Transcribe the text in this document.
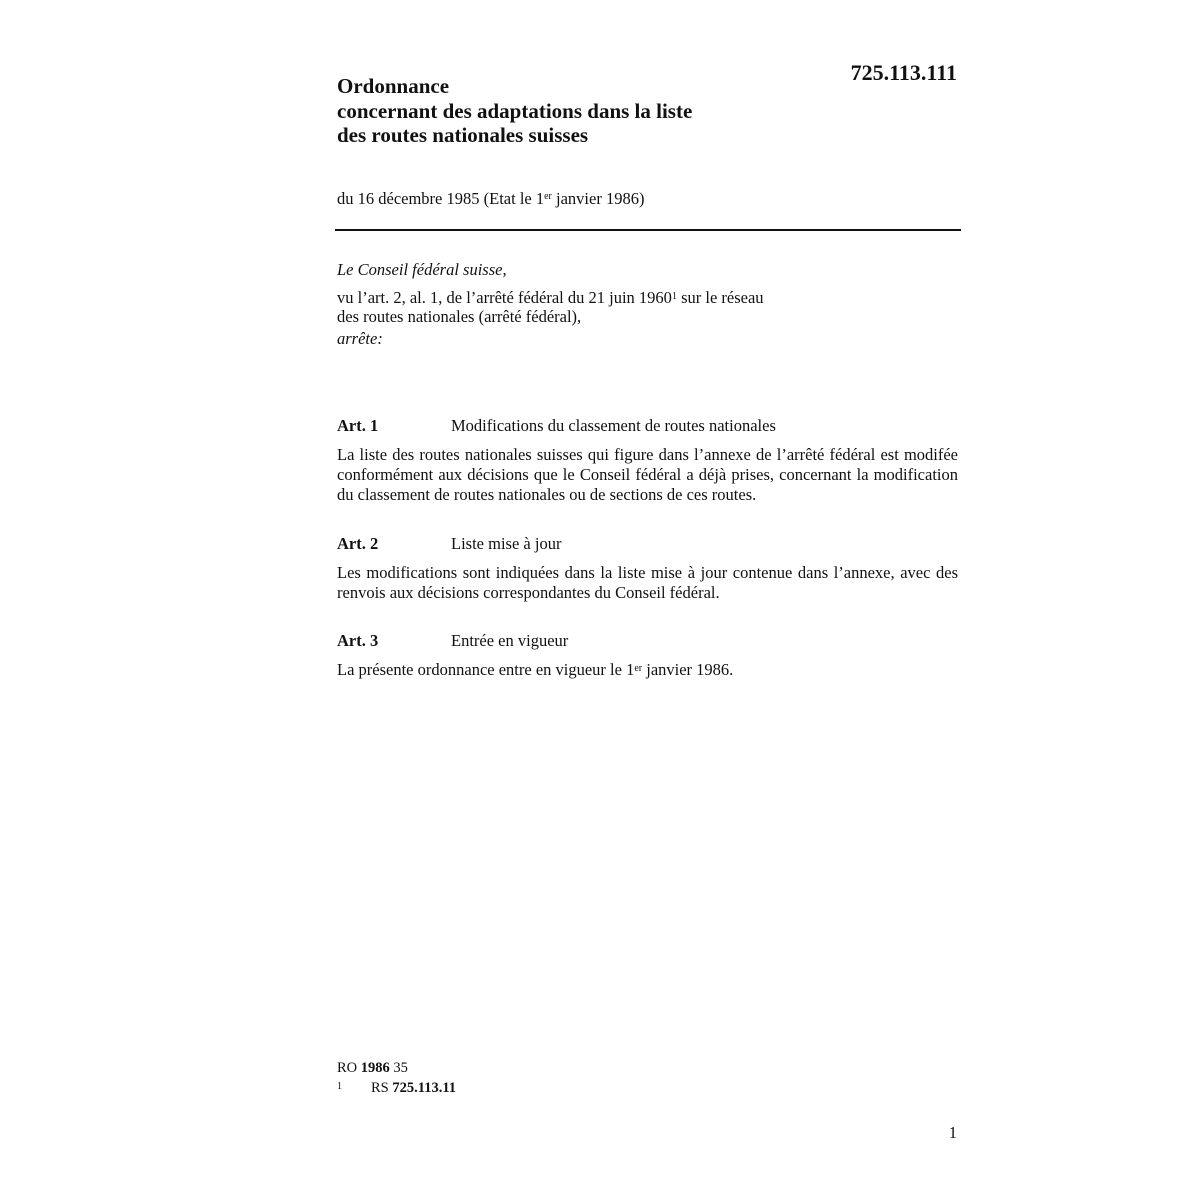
725.113.111
Ordonnance
concernant des adaptations dans la liste
des routes nationales suisses
du 16 décembre 1985 (Etat le 1er janvier 1986)
Le Conseil fédéral suisse,
vu l’art. 2, al. 1, de l’arrêté fédéral du 21 juin 1960$^1$ sur le réseau
des routes nationales (arrêté fédéral),
arrête:
Art. 1	Modifications du classement de routes nationales
La liste des routes nationales suisses qui figure dans l’annexe de l’arrêté fédéral est modifée conformément aux décisions que le Conseil fédéral a déjà prises, concernant la modification du classement de routes nationales ou de sections de ces routes.
Art. 2	Liste mise à jour
Les modifications sont indiquées dans la liste mise à jour contenue dans l’annexe, avec des renvois aux décisions correspondantes du Conseil fédéral.
Art. 3	Entrée en vigueur
La présente ordonnance entre en vigueur le 1er janvier 1986.
RO 1986 35
1 RS 725.113.11
1
